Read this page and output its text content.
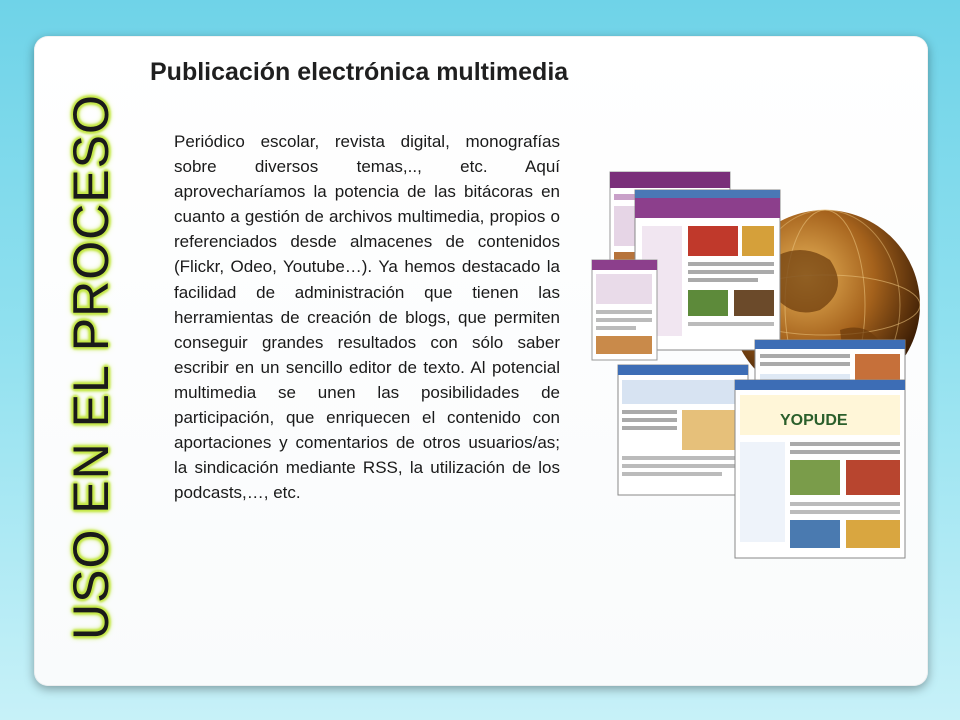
USO EN EL PROCESO
Publicación electrónica multimedia
Periódico escolar, revista digital, monografías sobre diversos temas,.., etc. Aquí aprovecharíamos la potencia de las bitácoras en cuanto a gestión de archivos multimedia, propios o referenciados desde almacenes de contenidos (Flickr, Odeo, Youtube…). Ya hemos destacado la facilidad de administración que tienen las herramientas de creación de blogs, que permiten conseguir grandes resultados con sólo saber escribir en un sencillo editor de texto. Al potencial multimedia se unen las posibilidades de participación, que enriquecen el contenido con aportaciones y comentarios de otros usuarios/as; la sindicación mediante RSS, la utilización de los podcasts,…, etc.
YOPUDE
